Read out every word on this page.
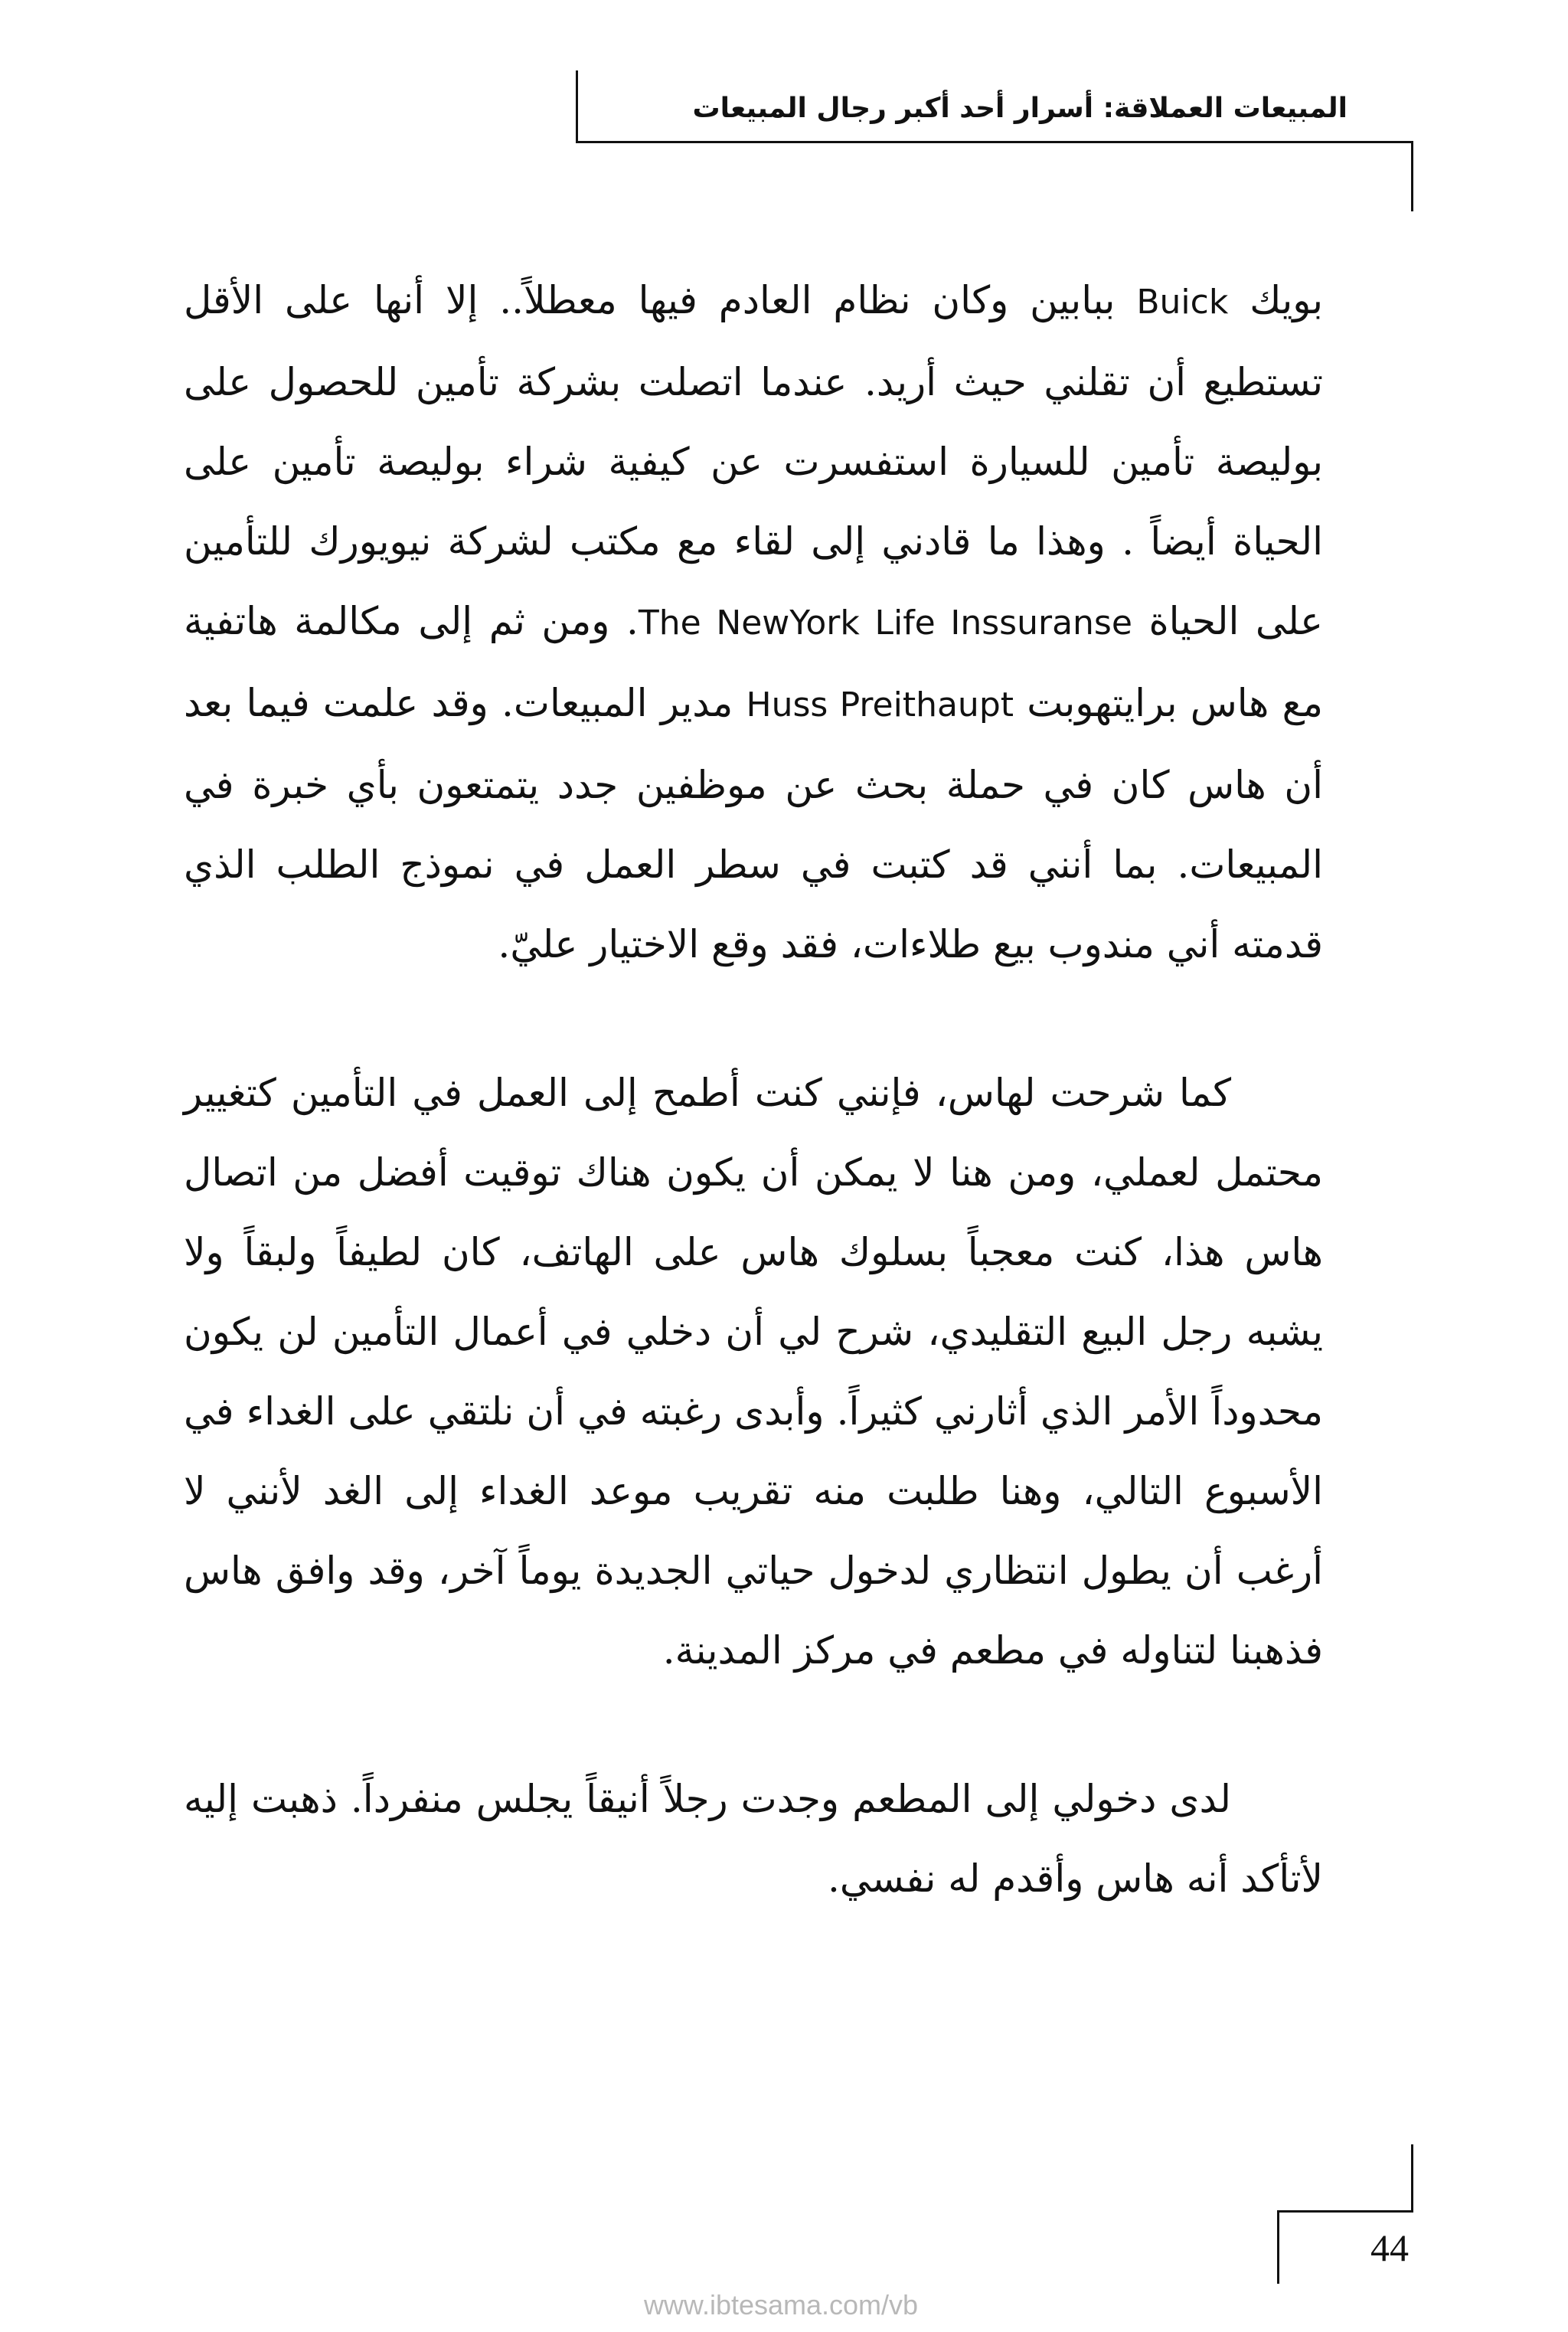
المبيعات العملاقة: أسرار أحد أكبر رجال المبيعات

بويك Buick ببابين وكان نظام العادم فيها معطلاً.. إلا أنها على الأقل تستطيع أن تقلني حيث أريد. عندما اتصلت بشركة تأمين للحصول على بوليصة تأمين للسيارة استفسرت عن كيفية شراء بوليصة تأمين على الحياة أيضاً . وهذا ما قادني إلى لقاء مع مكتب لشركة نيويورك للتأمين على الحياة The NewYork Life Inssuranse. ومن ثم إلى مكالمة هاتفية مع هاس برايتهوبت Huss Preithaupt مدير المبيعات. وقد علمت فيما بعد أن هاس كان في حملة بحث عن موظفين جدد يتمتعون بأي خبرة في المبيعات. بما أنني قد كتبت في سطر العمل في نموذج الطلب الذي قدمته أني مندوب بيع طلاءات، فقد وقع الاختيار عليّ.

كما شرحت لهاس، فإنني كنت أطمح إلى العمل في التأمين كتغيير محتمل لعملي، ومن هنا لا يمكن أن يكون هناك توقيت أفضل من اتصال هاس هذا، كنت معجباً بسلوك هاس على الهاتف، كان لطيفاً ولبقاً ولا يشبه رجل البيع التقليدي، شرح لي أن دخلي في أعمال التأمين لن يكون محدوداً الأمر الذي أثارني كثيراً. وأبدى رغبته في أن نلتقي على الغداء في الأسبوع التالي، وهنا طلبت منه تقريب موعد الغداء إلى الغد لأنني لا أرغب أن يطول انتظاري لدخول حياتي الجديدة يوماً آخر، وقد وافق هاس فذهبنا لتناوله في مطعم في مركز المدينة.

لدى دخولي إلى المطعم وجدت رجلاً أنيقاً يجلس منفرداً. ذهبت إليه لأتأكد أنه هاس وأقدم له نفسي.

44
www.ibtesama.com/vb
